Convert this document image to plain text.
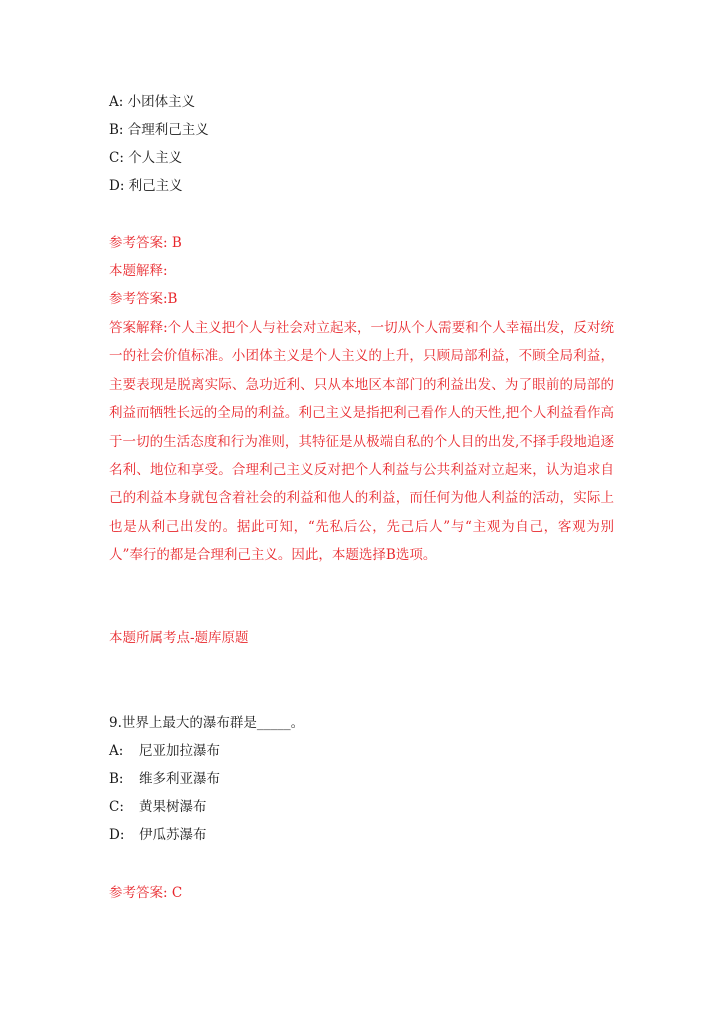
A: 小团体主义
B: 合理利己主义
C: 个人主义
D: 利己主义
参考答案: B
本题解释:
参考答案:B
答案解释:个人主义把个人与社会对立起来，一切从个人需要和个人幸福出发，反对统一的社会价值标准。小团体主义是个人主义的上升，只顾局部利益，不顾全局利益，主要表现是脱离实际、急功近利、只从本地区本部门的利益出发、为了眼前的局部的利益而牺牲长远的全局的利益。利己主义是指把利己看作人的天性,把个人利益看作高于一切的生活态度和行为准则，其特征是从极端自私的个人目的出发,不择手段地追逐名利、地位和享受。合理利己主义反对把个人利益与公共利益对立起来，认为追求自己的利益本身就包含着社会的利益和他人的利益，而任何为他人利益的活动，实际上也是从利己出发的。据此可知，“先私后公，先己后人”与“主观为自己，客观为别人”奉行的都是合理利己主义。因此，本题选择B选项。
本题所属考点-题库原题
9.世界上最大的瀑布群是_____。
A: 尼亚加拉瀑布
B: 维多利亚瀑布
C: 黄果树瀑布
D: 伊瓜苏瀑布
参考答案: C
